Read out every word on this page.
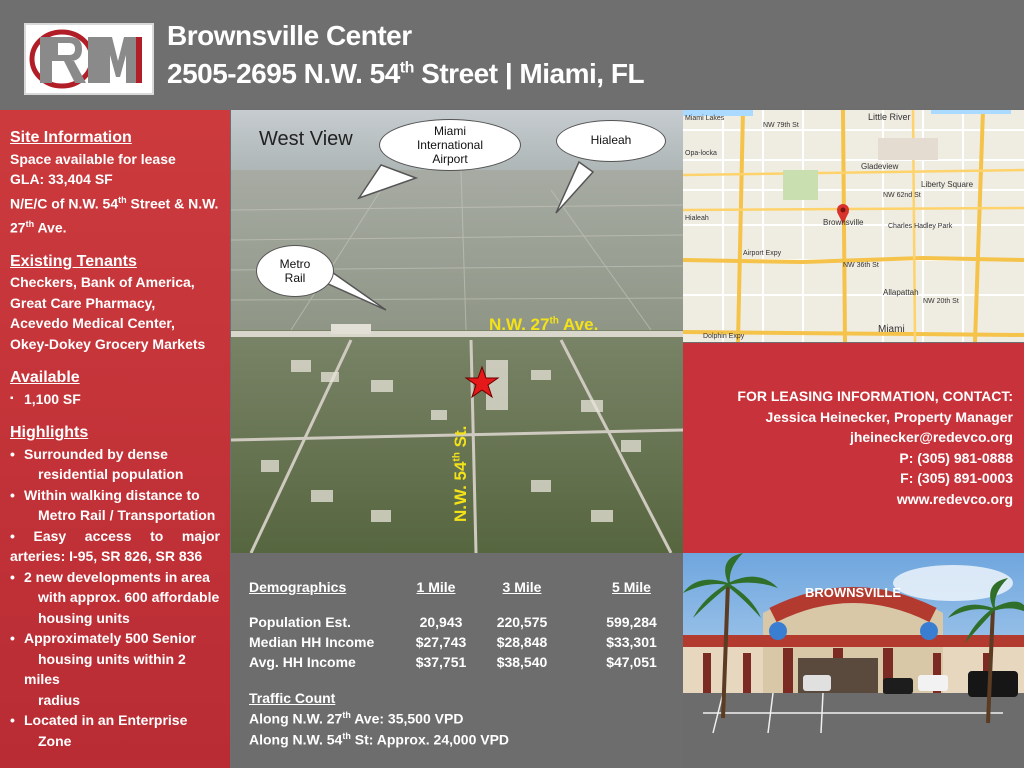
RM	Brownsville Center
2505-2695 N.W. 54th Street | Miami, FL

Site Information

Space available for lease

GLA: 33,404 SF

N/E/C of N.W. 54th Street & N.W.

27th Ave.

Existing Tenants

Checkers, Bank of America, Great Care Pharmacy, Acevedo Medical Center, Okey-Dokey Grocery Markets

Available

▪ 1,100 SF

Highlights

• Surrounded by dense
residential population
• Within walking distance to
Metro Rail / Transportation
• Easy access to major
arteries: I-95, SR 826, SR 836
• 2 new developments in area
with approx. 600 affordable
housing units
• Approximately 500 Senior
housing units within 2 miles
radius
• Located in an Enterprise
Zone
West View	Miami International Airport
Hialeah
Metro Rail
N.W. 27th Ave.
N.W. 54th St.
Miami Lakes	Little River
Opa-locka
Gladeview
Liberty Square
Brownsville
Hialeah
Allapattah
Miami
Charles Hadley Park
NW 79th St
NW 62nd St
NW 36th St
NW 20th St
Airport Expy
Dolphin Expy

FOR LEASING INFORMATION, CONTACT:

Jessica Heinecker, Property Manager

jheinecker@redevco.org

P: (305) 981-0888

F: (305) 891-0003

www.redevco.org

Demographics	1 Mile	3 Mile	5 Mile
Population Est.	20,943	220,575	599,284
Median HH Income	$27,743	$28,848	$33,301
Avg. HH Income	$37,751	$38,540	$47,051
Traffic Count
Along N.W. 27th Ave: 35,500 VPD
Along N.W. 54th St: Approx. 24,000 VPD
BROWNSVILLE
